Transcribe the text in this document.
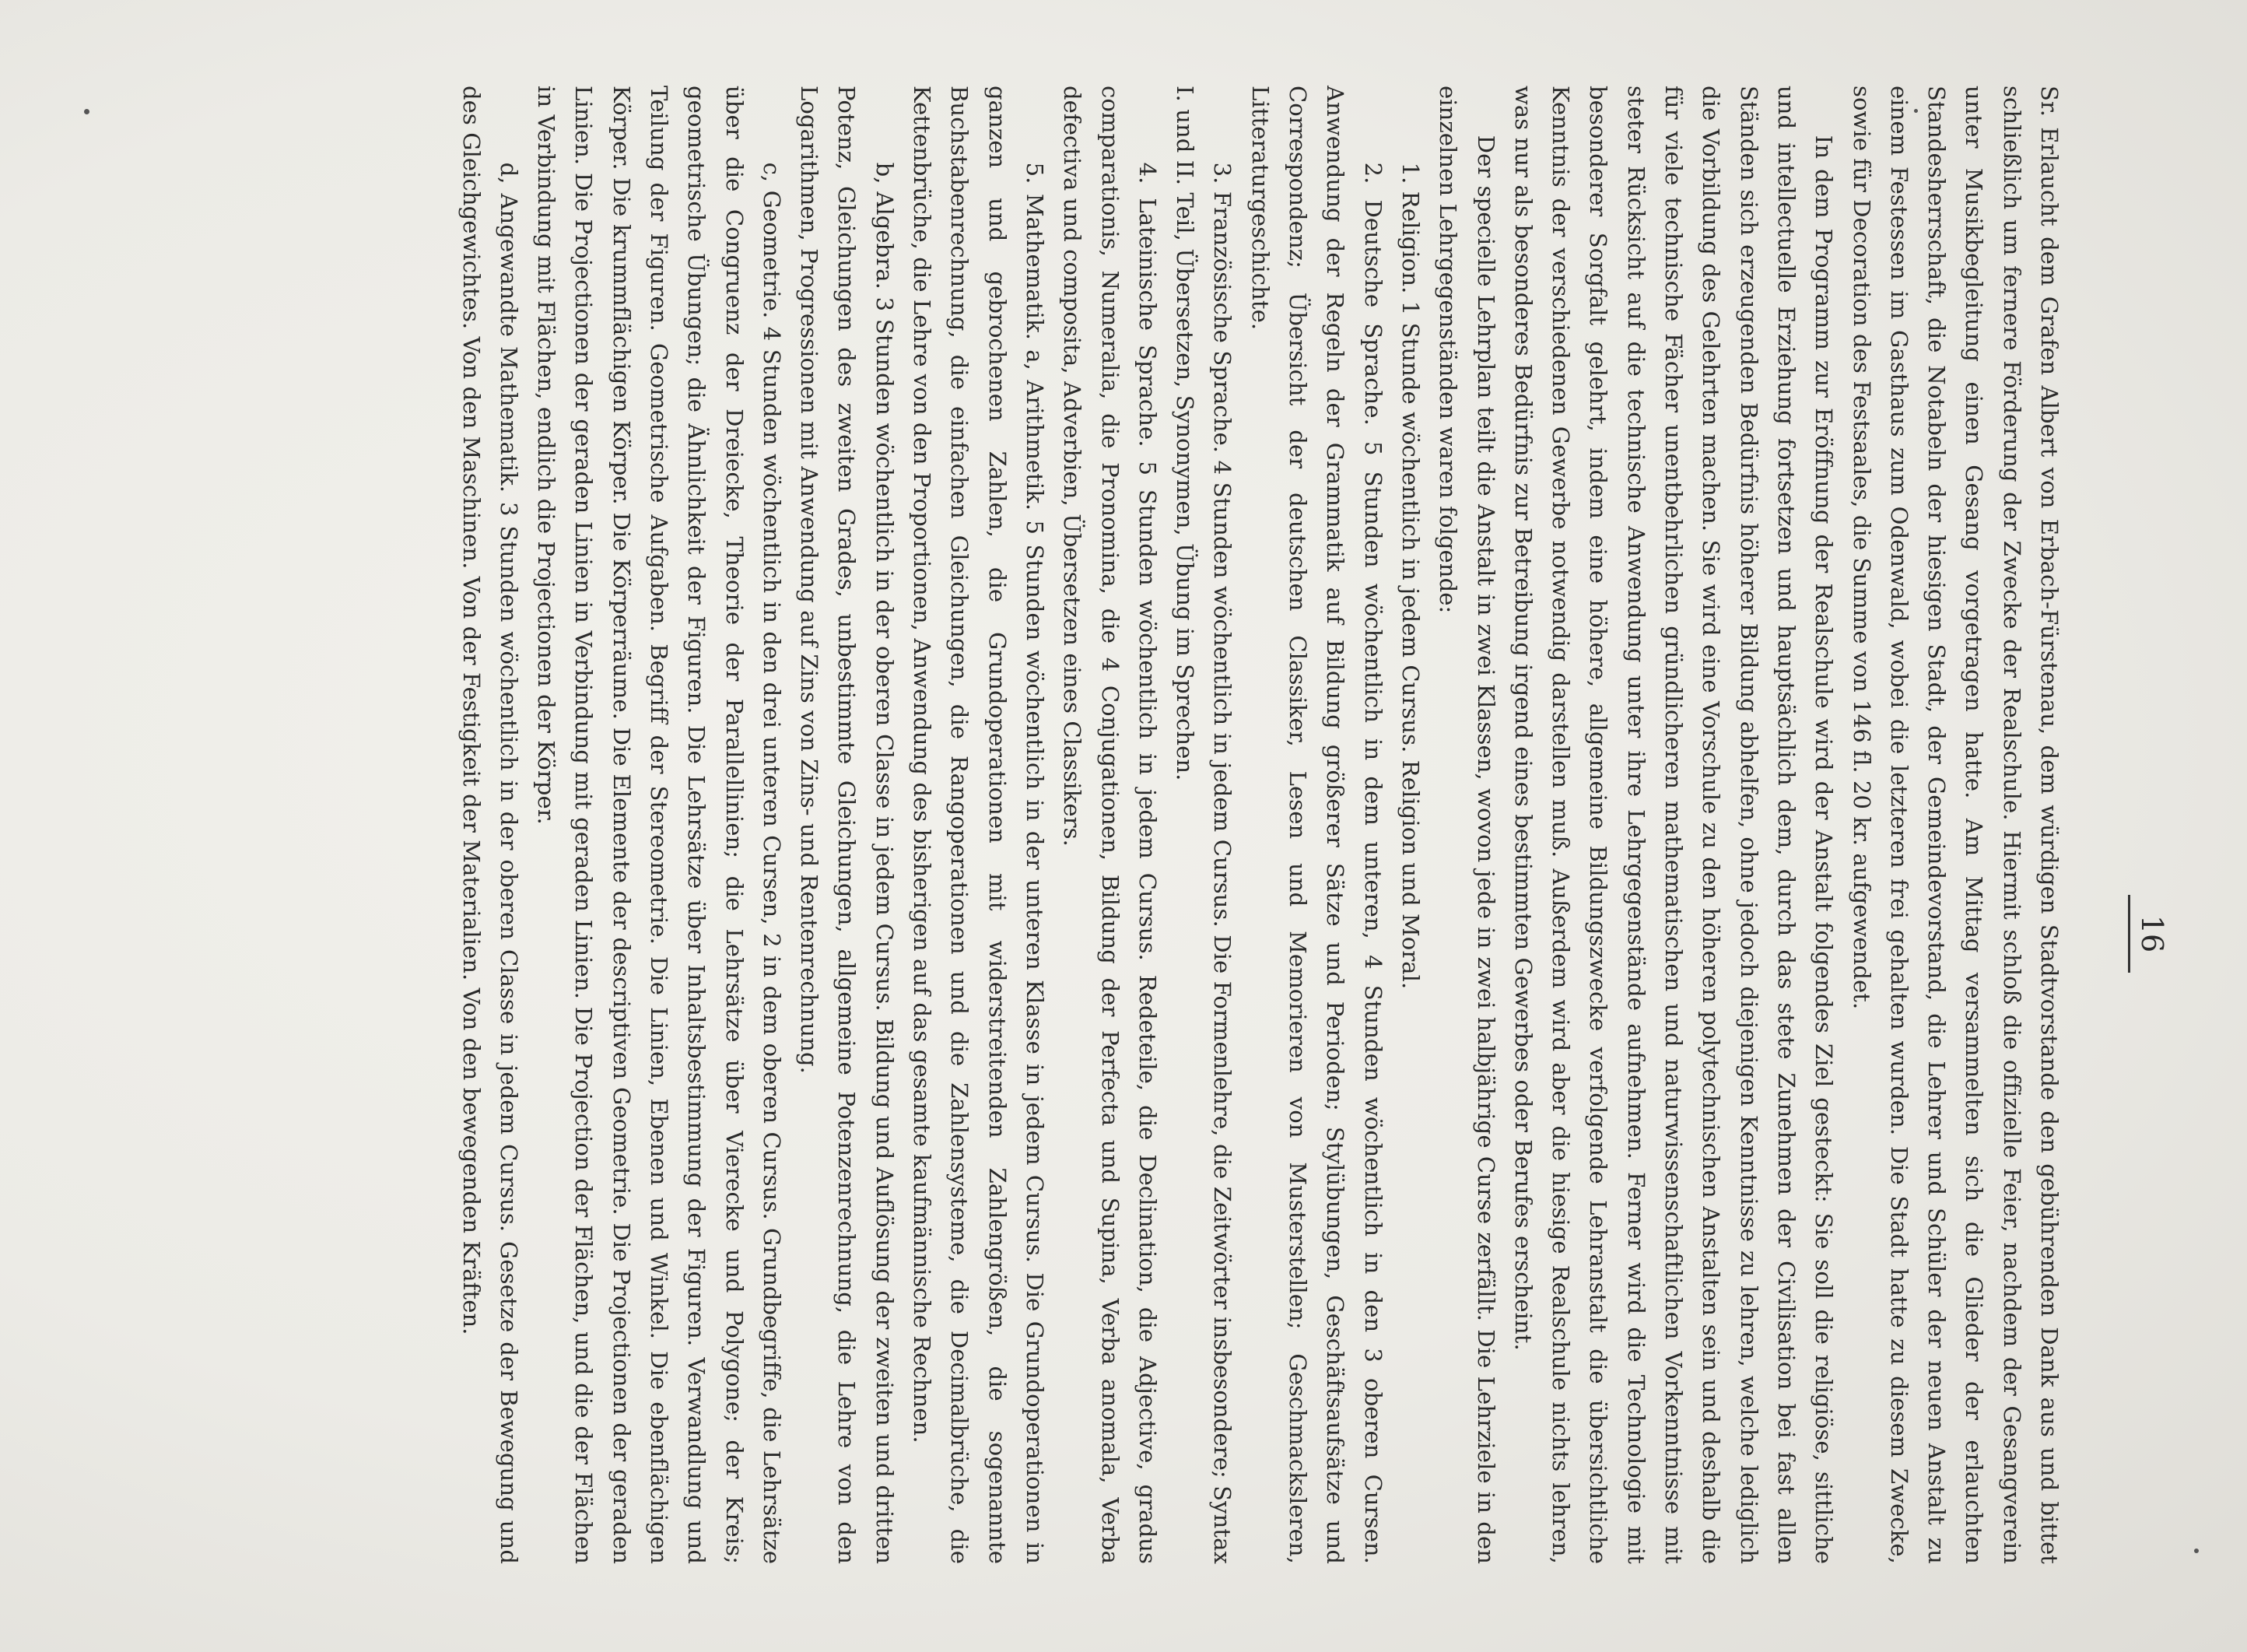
16

Sr. Erlaucht dem Grafen Albert von Erbach-Fürstenau, dem würdigen Stadtvorstande den gebührenden Dank aus und bittet schließlich um fernere Förderung der Zwecke der Realschule. Hiermit schloß die offizielle Feier, nachdem der Gesangverein unter Musikbegleitung einen Gesang vorgetragen hatte. Am Mittag versammelten sich die Glieder der erlauchten Standesherrschaft, die Notabeln der hiesigen Stadt, der Gemeindevorstand, die Lehrer und Schüler der neuen Anstalt zu einem Festessen im Gasthaus zum Odenwald, wobei die letzteren frei gehalten wurden. Die Stadt hatte zu diesem Zwecke, sowie für Decoration des Festsaales, die Summe von 146 fl. 20 kr. aufgewendet.

In dem Programm zur Eröffnung der Realschule wird der Anstalt folgendes Ziel gesteckt: Sie soll die religiöse, sittliche und intellectuelle Erziehung fortsetzen und hauptsächlich dem, durch das stete Zunehmen der Civilisation bei fast allen Ständen sich erzeugenden Bedürfnis höherer Bildung abhelfen, ohne jedoch diejenigen Kenntnisse zu lehren, welche lediglich die Vorbildung des Gelehrten machen. Sie wird eine Vorschule zu den höheren polytechnischen Anstalten sein und deshalb die für viele technische Fächer unentbehrlichen gründlicheren mathematischen und naturwissenschaftlichen Vorkenntnisse mit steter Rücksicht auf die technische Anwendung unter ihre Lehrgegenstände aufnehmen. Ferner wird die Technologie mit besonderer Sorgfalt gelehrt, indem eine höhere, allgemeine Bildungszwecke verfolgende Lehranstalt die übersichtliche Kenntnis der verschiedenen Gewerbe notwendig darstellen muß. Außerdem wird aber die hiesige Realschule nichts lehren, was nur als besonderes Bedürfnis zur Betreibung irgend eines bestimmten Gewerbes oder Berufes erscheint.

Der specielle Lehrplan teilt die Anstalt in zwei Klassen, wovon jede in zwei halbjährige Curse zerfällt. Die Lehrziele in den einzelnen Lehrgegenständen waren folgende:

1. Religion. 1 Stunde wöchentlich in jedem Cursus. Religion und Moral.

2. Deutsche Sprache. 5 Stunden wöchentlich in dem unteren, 4 Stunden wöchentlich in den 3 oberen Cursen. Anwendung der Regeln der Grammatik auf Bildung größerer Sätze und Perioden; Stylübungen, Geschäftsaufsätze und Correspondenz; Übersicht der deutschen Classiker, Lesen und Memorieren von Musterstellen; Geschmacksleren, Litteraturgeschichte.

3. Französische Sprache. 4 Stunden wöchentlich in jedem Cursus. Die Formenlehre, die Zeitwörter insbesondere; Syntax I. und II. Teil, Übersetzen, Synonymen, Übung im Sprechen.

4. Lateinische Sprache. 5 Stunden wöchentlich in jedem Cursus. Redeteile, die Declination, die Adjective, gradus comparationis, Numeralia, die Pronomina, die 4 Conjugationen, Bildung der Perfecta und Supina, Verba anomala, Verba defectiva und composita, Adverbien, Übersetzen eines Classikers.

5. Mathematik. a, Arithmetik. 5 Stunden wöchentlich in der unteren Klasse in jedem Cursus. Die Grundoperationen in ganzen und gebrochenen Zahlen, die Grundoperationen mit widerstreitenden Zahlengrößen, die sogenannte Buchstabenrechnung, die einfachen Gleichungen, die Rangoperationen und die Zahlensysteme, die Decimalbrüche, die Kettenbrüche, die Lehre von den Proportionen, Anwendung des bisherigen auf das gesamte kaufmännische Rechnen.

b, Algebra. 3 Stunden wöchentlich in der oberen Classe in jedem Cursus. Bildung und Auflösung der zweiten und dritten Potenz, Gleichungen des zweiten Grades, unbestimmte Gleichungen, allgemeine Potenzenrechnung, die Lehre von den Logarithmen, Progressionen mit Anwendung auf Zins von Zins- und Rentenrechnung.

c, Geometrie. 4 Stunden wöchentlich in den drei unteren Cursen, 2 in dem oberen Cursus. Grundbegriffe, die Lehrsätze über die Congruenz der Dreiecke, Theorie der Parallellinien; die Lehrsätze über Vierecke und Polygone; der Kreis; geometrische Übungen; die Ähnlichkeit der Figuren. Die Lehrsätze über Inhaltsbestimmung der Figuren. Verwandlung und Teilung der Figuren. Geometrische Aufgaben. Begriff der Stereometrie. Die Linien, Ebenen und Winkel. Die ebenflächigen Körper. Die krummflächigen Körper. Die Körperräume. Die Elemente der descriptiven Geometrie. Die Projectionen der geraden Linien. Die Projectionen der geraden Linien in Verbindung mit geraden Linien. Die Projection der Flächen, und die der Flächen in Verbindung mit Flächen, endlich die Projectionen der Körper.

d, Angewandte Mathematik. 3 Stunden wöchentlich in der oberen Classe in jedem Cursus. Gesetze der Bewegung und des Gleichgewichtes. Von den Maschinen. Von der Festigkeit der Materialien. Von den bewegenden Kräften.
